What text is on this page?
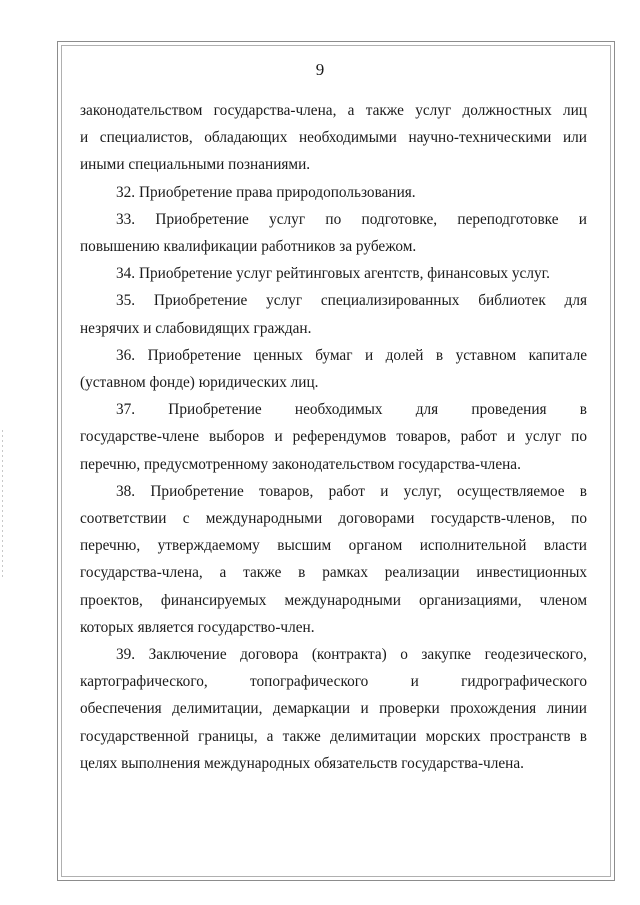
9

законодательством государства-члена, а также услуг должностных лиц
и специалистов, обладающих необходимыми научно-техническими или
иными специальными познаниями.

32. Приобретение права природопользования.

33. Приобретение услуг по подготовке, переподготовке и
повышению квалификации работников за рубежом.

34. Приобретение услуг рейтинговых агентств, финансовых услуг.

35. Приобретение услуг специализированных библиотек для
незрячих и слабовидящих граждан.

36. Приобретение ценных бумаг и долей в уставном капитале
(уставном фонде) юридических лиц.

37. Приобретение необходимых для проведения в
государстве-члене выборов и референдумов товаров, работ и услуг по
перечню, предусмотренному законодательством государства-члена.

38. Приобретение товаров, работ и услуг, осуществляемое в
соответствии с международными договорами государств-членов, по
перечню, утверждаемому высшим органом исполнительной власти
государства-члена, а также в рамках реализации инвестиционных
проектов, финансируемых международными организациями, членом
которых является государство-член.

39. Заключение договора (контракта) о закупке геодезического,
картографического, топографического и гидрографического
обеспечения делимитации, демаркации и проверки прохождения линии
государственной границы, а также делимитации морских пространств в
целях выполнения международных обязательств государства-члена.
